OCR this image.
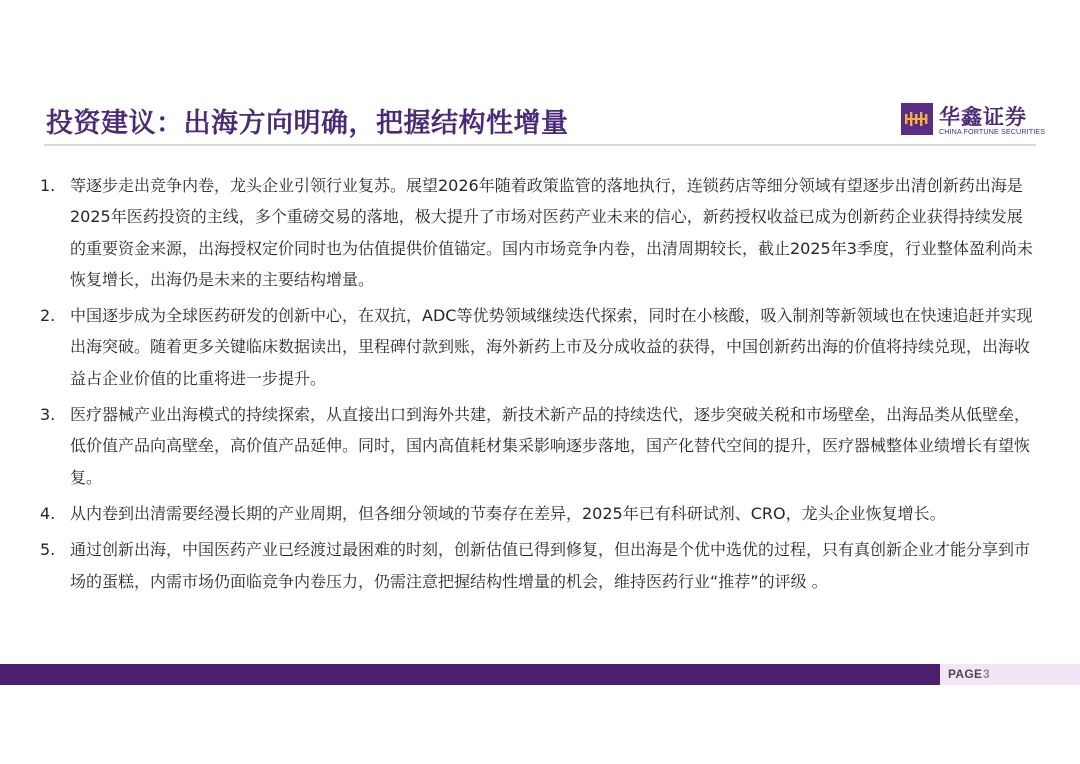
投资建议：出海方向明确，把握结构性增量	华鑫证券
CHINA FORTUNE SECURITIES
1. 等逐步走出竞争内卷，龙头企业引领行业复苏。展望2026年随着政策监管的落地执行，连锁药店等细分领域有望逐步出清创新药出海是2025年医药投资的主线，多个重磅交易的落地，极大提升了市场对医药产业未来的信心，新药授权收益已成为创新药企业获得持续发展的重要资金来源，出海授权定价同时也为估值提供价值锚定。国内市场竞争内卷，出清周期较长，截止2025年3季度，行业整体盈利尚未恢复增长，出海仍是未来的主要结构增量。
2. 中国逐步成为全球医药研发的创新中心，在双抗，ADC等优势领域继续迭代探索，同时在小核酸，吸入制剂等新领域也在快速追赶并实现出海突破。随着更多关键临床数据读出，里程碑付款到账，海外新药上市及分成收益的获得，中国创新药出海的价值将持续兑现，出海收益占企业价值的比重将进一步提升。
3. 医疗器械产业出海模式的持续探索，从直接出口到海外共建，新技术新产品的持续迭代，逐步突破关税和市场壁垒，出海品类从低壁垒，低价值产品向高壁垒，高价值产品延伸。同时，国内高值耗材集采影响逐步落地，国产化替代空间的提升，医疗器械整体业绩增长有望恢复。
4. 从内卷到出清需要经漫长期的产业周期，但各细分领域的节奏存在差异，2025年已有科研试剂、CRO，龙头企业恢复增长。
5. 通过创新出海，中国医药产业已经渡过最困难的时刻，创新估值已得到修复，但出海是个优中选优的过程，只有真创新企业才能分享到市场的蛋糕，内需市场仍面临竞争内卷压力，仍需注意把握结构性增量的机会，维持医药行业“推荐”的评级 。
PAGE 3
